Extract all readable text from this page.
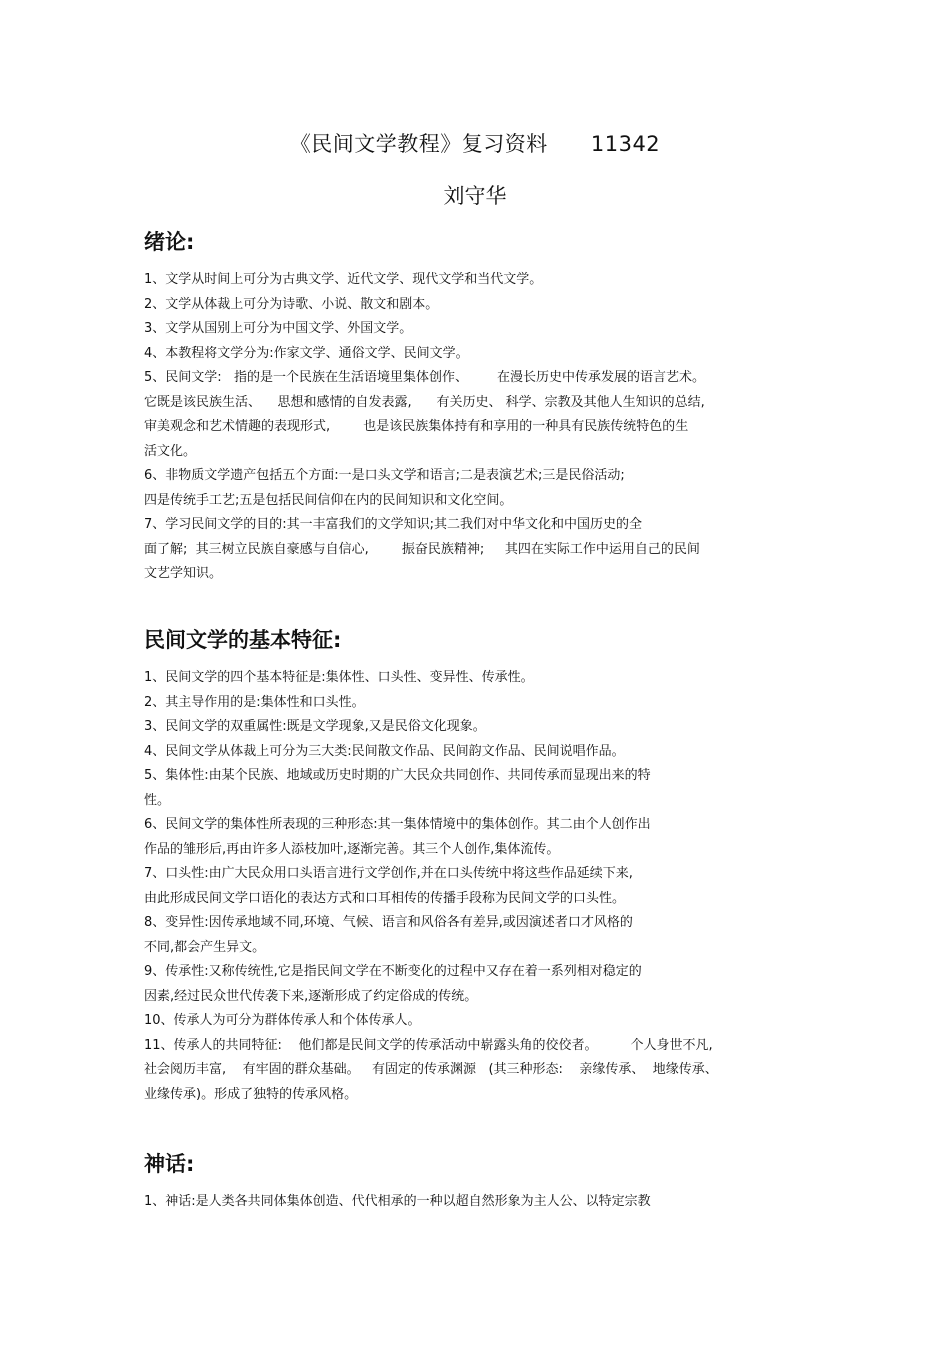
《民间文学教程》复习资料      11342
刘守华
绪论:

1、文学从时间上可分为古典文学、近代文学、现代文学和当代文学。

2、文学从体裁上可分为诗歌、小说、散文和剧本。

3、文学从国别上可分为中国文学、外国文学。

4、本教程将文学分为:作家文学、通俗文学、民间文学。

5、民间文学:   指的是一个民族在生活语境里集体创作、       在漫长历史中传承发展的语言艺术。
它既是该民族生活、    思想和感情的自发表露,      有关历史、 科学、宗教及其他人生知识的总结,
审美观念和艺术情趣的表现形式,        也是该民族集体持有和享用的一种具有民族传统特色的生
活文化。

6、非物质文学遗产包括五个方面:一是口头文学和语言;二是表演艺术;三是民俗活动;
四是传统手工艺;五是包括民间信仰在内的民间知识和文化空间。

7、学习民间文学的目的:其一丰富我们的文学知识;其二我们对中华文化和中国历史的全
面了解;  其三树立民族自豪感与自信心,        振奋民族精神;     其四在实际工作中运用自己的民间
文艺学知识。

民间文学的基本特征:

1、民间文学的四个基本特征是:集体性、口头性、变异性、传承性。

2、其主导作用的是:集体性和口头性。

3、民间文学的双重属性:既是文学现象,又是民俗文化现象。

4、民间文学从体裁上可分为三大类:民间散文作品、民间韵文作品、民间说唱作品。

5、集体性:由某个民族、地域或历史时期的广大民众共同创作、共同传承而显现出来的特
性。

6、民间文学的集体性所表现的三种形态:其一集体情境中的集体创作。其二由个人创作出
作品的雏形后,再由许多人添枝加叶,逐渐完善。其三个人创作,集体流传。

7、口头性:由广大民众用口头语言进行文学创作,并在口头传统中将这些作品延续下来,
由此形成民间文学口语化的表达方式和口耳相传的传播手段称为民间文学的口头性。

8、变异性:因传承地域不同,环境、气候、语言和风俗各有差异,或因演述者口才风格的
不同,都会产生异文。

9、传承性:又称传统性,它是指民间文学在不断变化的过程中又存在着一系列相对稳定的
因素,经过民众世代传袭下来,逐渐形成了约定俗成的传统。

10、传承人为可分为群体传承人和个体传承人。

11、传承人的共同特征:    他们都是民间文学的传承活动中崭露头角的佼佼者。        个人身世不凡,
社会阅历丰富,    有牢固的群众基础。   有固定的传承渊源   (其三种形态:    亲缘传承、  地缘传承、
业缘传承)。形成了独特的传承风格。

神话:

1、神话:是人类各共同体集体创造、代代相承的一种以超自然形象为主人公、以特定宗教
